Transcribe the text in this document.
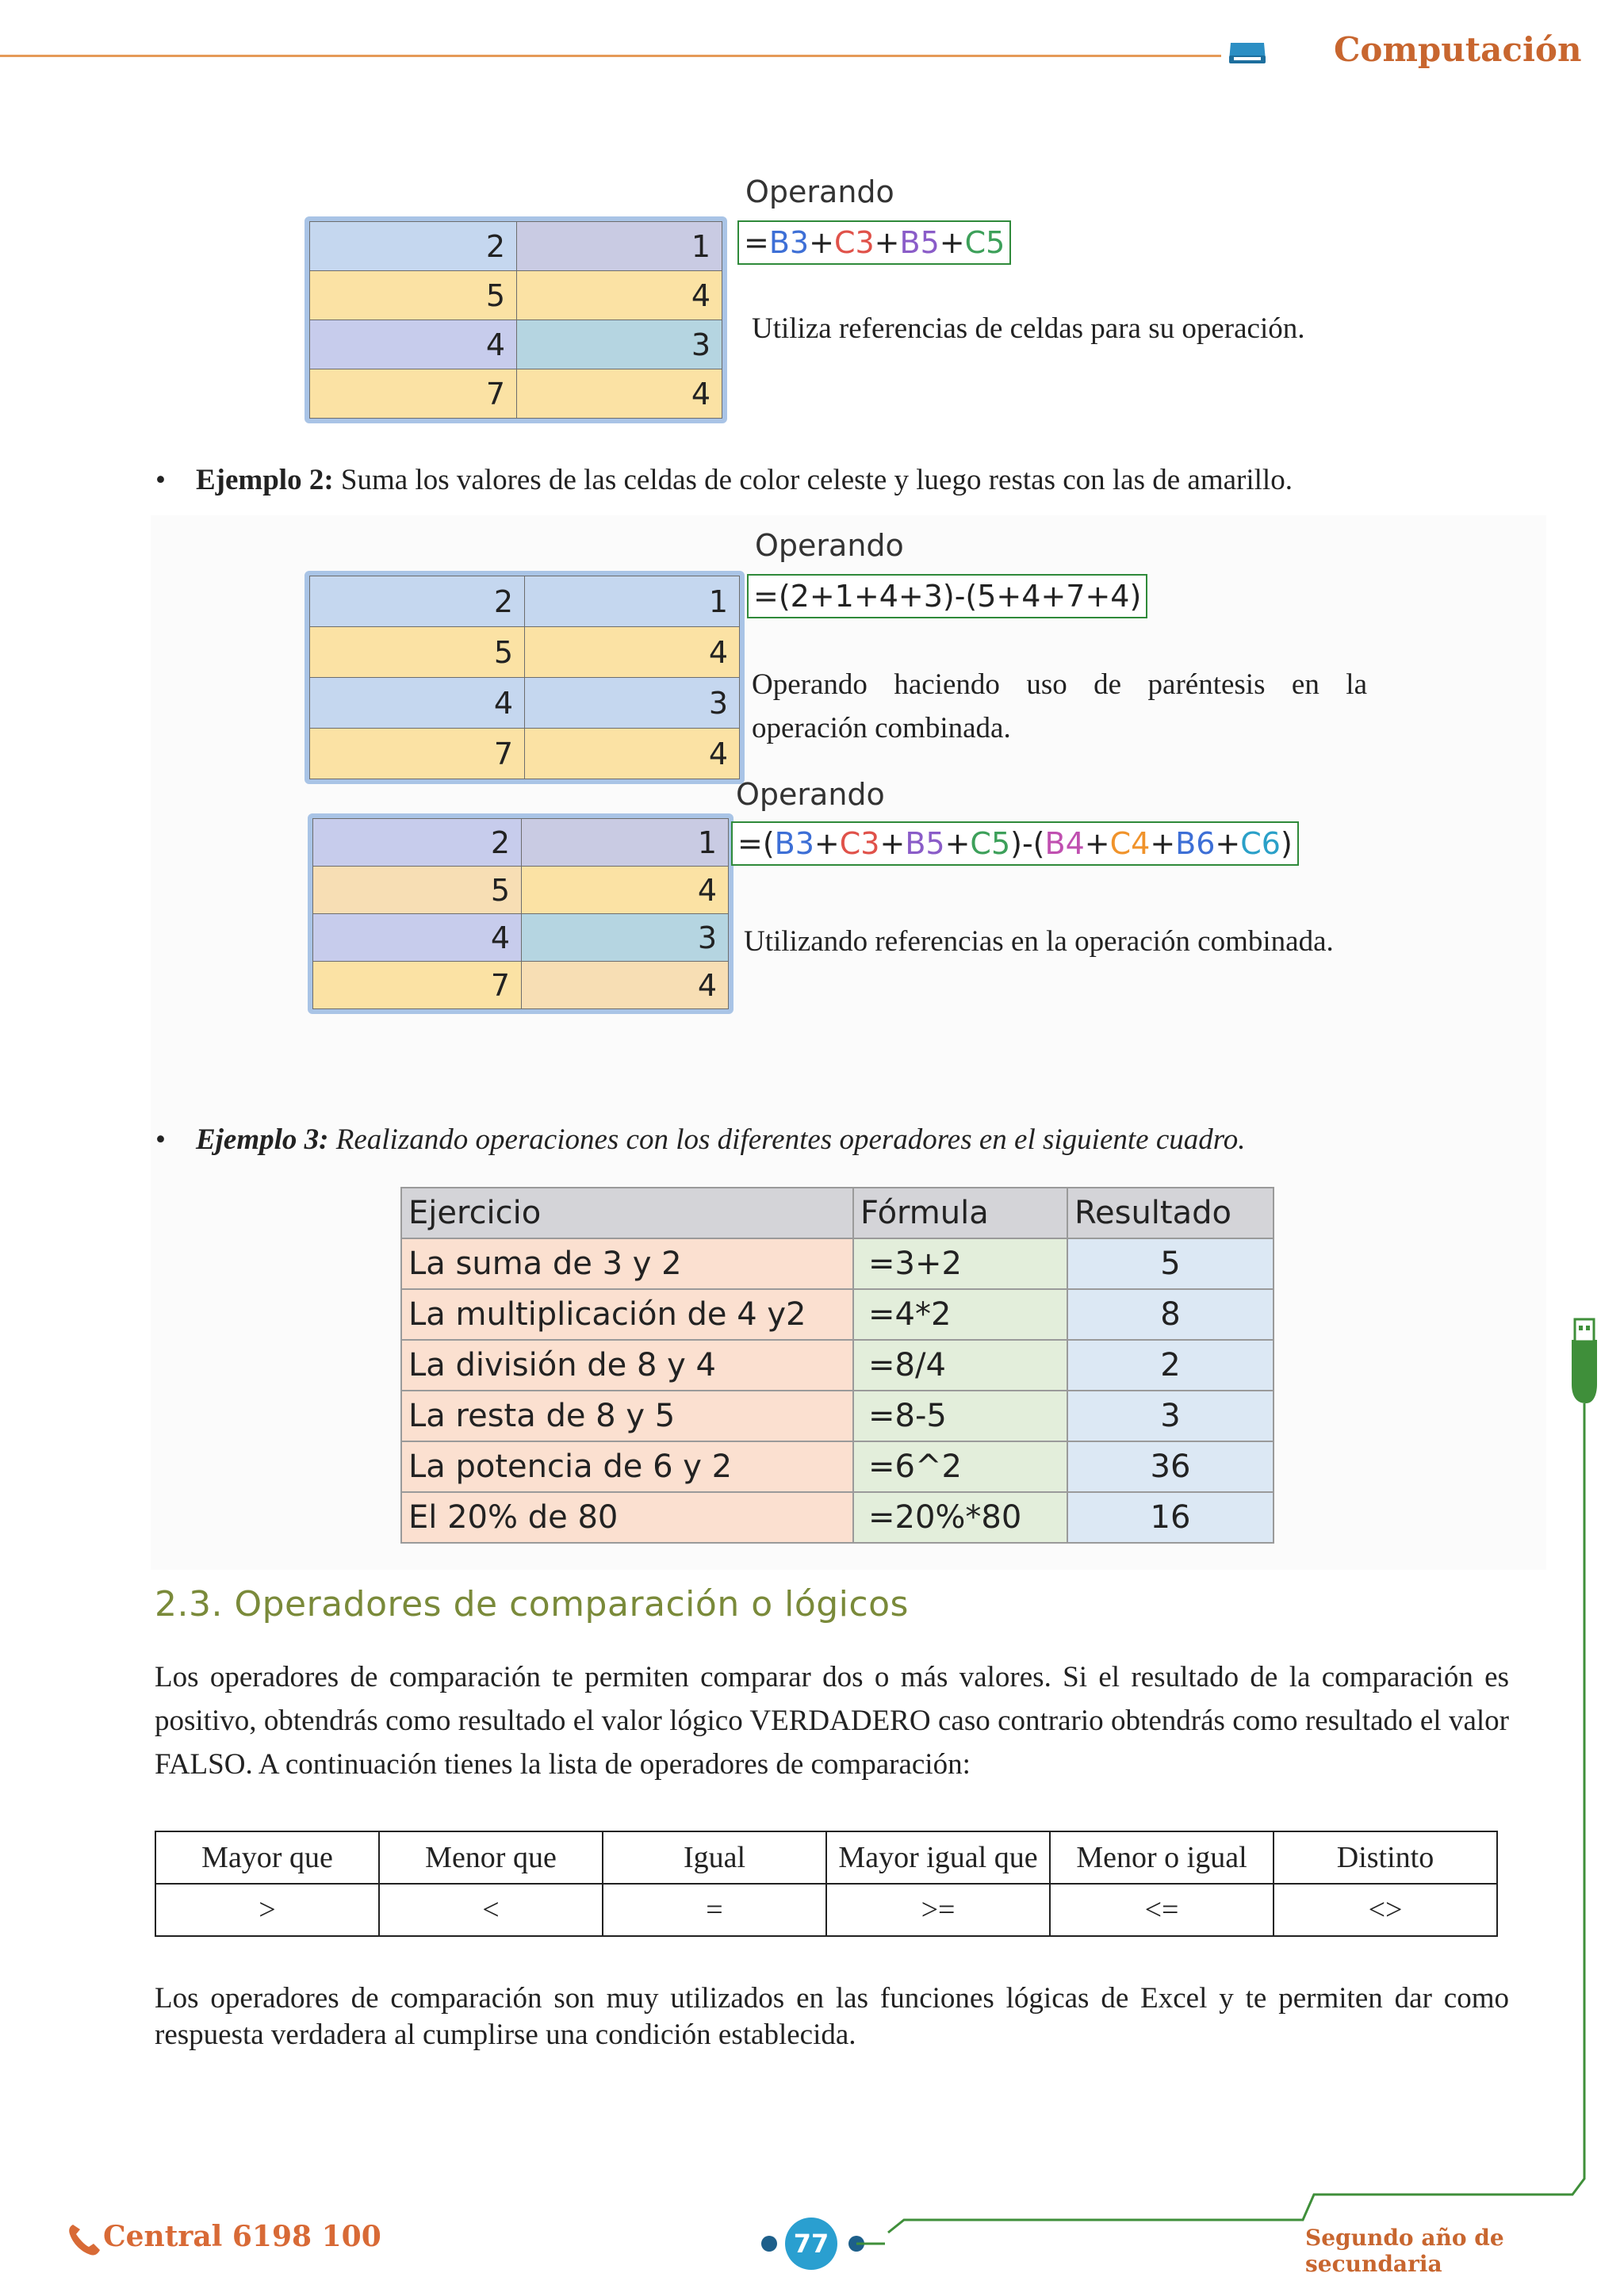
Computación
2	1
5	4
4	3
7	4
Operando
=B3+C3+B5+C5
Utiliza referencias de celdas para su operación.
• Ejemplo 2: Suma los valores de las celdas de color celeste y luego restas con las de amarillo.
2	1
5	4
4	3
7	4
Operando
=(2+1+4+3)-(5+4+7+4)
Operando haciendo uso de paréntesis en la operación combinada.
2	1
5	4
4	3
7	4
Operando
=(B3+C3+B5+C5)-(B4+C4+B6+C6)
Utilizando referencias en la operación combinada.
• Ejemplo 3: Realizando operaciones con los diferentes operadores en el siguiente cuadro.
Ejercicio	Fórmula	Resultado
La suma de 3 y 2	=3+2	5
La multiplicación de 4 y2	=4*2	8
La división de 8 y 4	=8/4	2
La resta de 8 y 5	=8-5	3
La potencia de 6 y 2	=6^2	36
El 20% de 80	=20%*80	16
2.3. Operadores de comparación o lógicos
Los operadores de comparación te permiten comparar dos o más valores. Si el resultado de la comparación es positivo, obtendrás como resultado el valor lógico VERDADERO caso contrario obtendrás como resultado el valor FALSO. A continuación tienes la lista de operadores de comparación:
Mayor que	Menor que	Igual	Mayor igual que	Menor o igual	Distinto
>	<	=	>=	<=	<>
Los operadores de comparación son muy utilizados en las funciones lógicas de Excel y te permiten dar como respuesta verdadera al cumplirse una condición establecida.
Central 6198 100	77	Segundo año de secundaria
